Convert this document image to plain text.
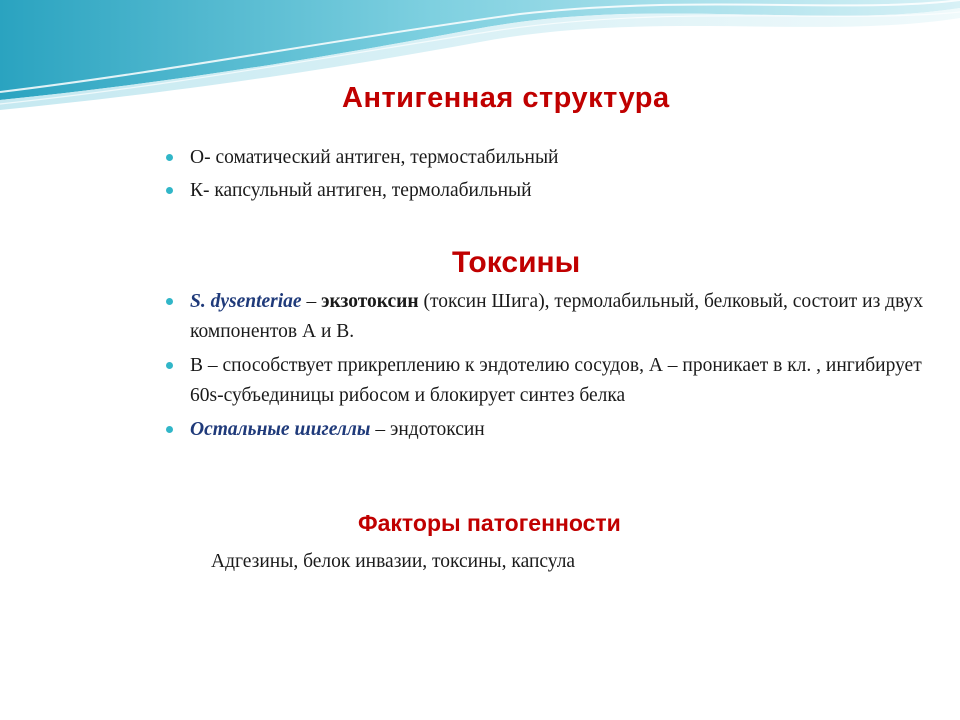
Антигенная структура
О- соматический антиген, термостабильный
К- капсульный антиген, термолабильный
Токсины
S. dysenteriae – экзотоксин (токсин Шига), термолабильный, белковый, состоит из двух компонентов А и В.
В – способствует прикреплению к эндотелию сосудов, А – проникает в кл. , ингибирует 60s-субъединицы рибосом и блокирует синтез белка
Остальные шигеллы – эндотоксин
Факторы патогенности

Адгезины, белок инвазии, токсины, капсула
